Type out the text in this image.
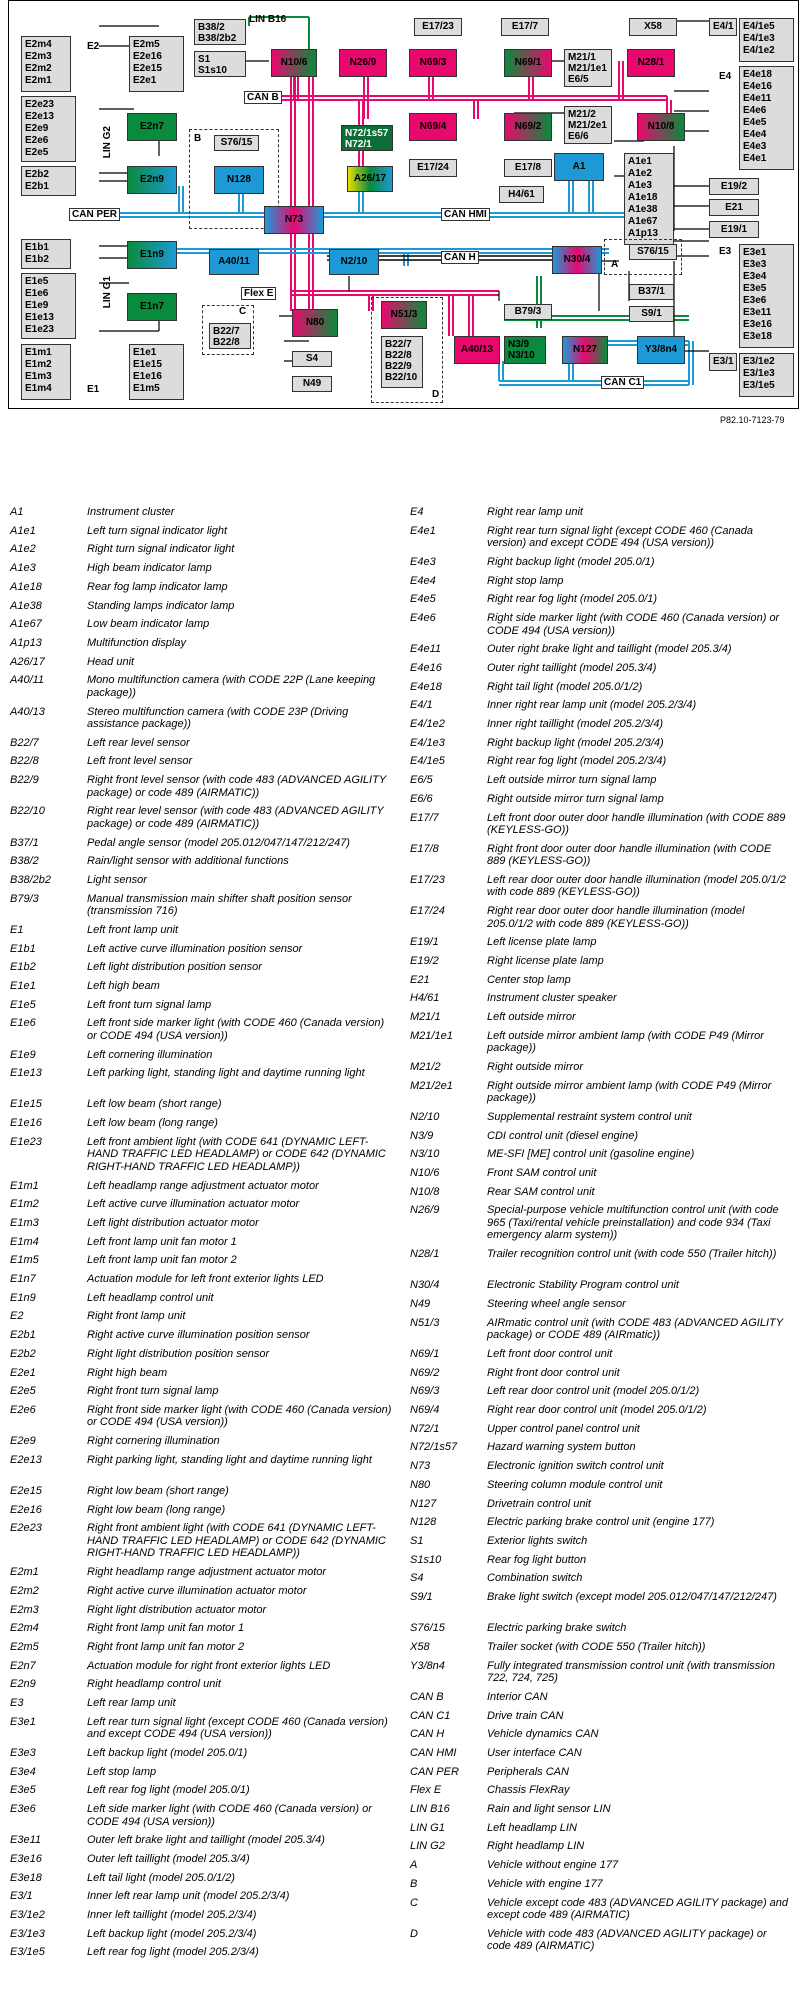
B38/2
B38/2b2
LIN B16
S1
S1s10
N10/6	N26/9	N69/3	N69/1	N28/1
E17/23	E17/7	X58
M21/1
M21/1e1
E6/5
E2m4
E2m3
E2m2
E2m1
E2	E2m5
E2e16
E2e15
E2e1
E2e23
E2e13
E2e9
E2e6
E2e5
E2b2
E2b1
LIN G2	E2n7
E2n9
B	S76/15
N128
N72/1s57
N72/1
A26/17
N69/4
E17/24
N69/2
E17/8
M21/2
M21/2e1
E6/6
N10/8
E4/1 E4/1e5
E4/1e3
E4/1e2
E4 E4e18
E4e16
E4e11
E4e6
E4e5
E4e4
E4e3
E4e1
E19/2
E21
E19/1
E3 E3e1
E3e3
E3e4
E3e5
E3e6
E3e11
E3e16
E3e18
E3/1 E3/1e2
E3/1e3
E3/1e5
A1	A1e1
A1e2
A1e3
A1e18
A1e38
A1e67
A1p13
H4/61
CAN PER	N73	CAN HMI
CAN B
E1b1
E1b2	E1n9
A40/11	N2/10	CAN H	N30/4
S76/15
A
B37/1
S9/1
E1e5
E1e6
E1e9
E1e13
E1e23
LIN G1	E1n7
Flex E
C
B22/7
B22/8
N80
S4
N49
N51/3
B22/7
B22/8
B22/9
B22/10
D
A40/13
B79/3
N3/9
N3/10
N127
CAN C1
Y3/8n4
E1m1
E1m2
E1m3
E1m4	E1
E1e1
E1e15
E1e16
E1m5
P82.10-7123-79
A1	Instrument cluster
A1e1	Left turn signal indicator light
A1e2	Right turn signal indicator light
A1e3	High beam indicator lamp
A1e18	Rear fog lamp indicator lamp
A1e38	Standing lamps indicator lamp
A1e67	Low beam indicator lamp
A1p13	Multifunction display
A26/17	Head unit
A40/11	Mono multifunction camera (with CODE 22P (Lane keeping package))
A40/13	Stereo multifunction camera (with CODE 23P (Driving assistance package))
B22/7	Left rear level sensor
B22/8	Left front level sensor
B22/9	Right front level sensor (with code 483 (ADVANCED AGILITY package) or code 489 (AIRMATIC))
B22/10	Right rear level sensor (with code 483 (ADVANCED AGILITY package) or code 489 (AIRMATIC))
B37/1	Pedal angle sensor (model 205.012/047/147/212/247)
B38/2	Rain/light sensor with additional functions
B38/2b2	Light sensor
B79/3	Manual transmission main shifter shaft position sensor (transmission 716)
E1	Left front lamp unit
E1b1	Left active curve illumination position sensor
E1b2	Left light distribution position sensor
E1e1	Left high beam
E1e5	Left front turn signal lamp
E1e6	Left front side marker light (with CODE 460 (Canada version) or CODE 494 (USA version))
E1e9	Left cornering illumination
E1e13	Left parking light, standing light and daytime running light
E1e15	Left low beam (short range)
E1e16	Left low beam (long range)
E1e23	Left front ambient light (with CODE 641 (DYNAMIC LEFT-HAND TRAFFIC LED HEADLAMP) or CODE 642 (DYNAMIC RIGHT-HAND TRAFFIC LED HEADLAMP))
E1m1	Left headlamp range adjustment actuator motor
E1m2	Left active curve illumination actuator motor
E1m3	Left light distribution actuator motor
E1m4	Left front lamp unit fan motor 1
E1m5	Left front lamp unit fan motor 2
E1n7	Actuation module for left front exterior lights LED
E1n9	Left headlamp control unit
E2	Right front lamp unit
E2b1	Right active curve illumination position sensor
E2b2	Right light distribution position sensor
E2e1	Right high beam
E2e5	Right front turn signal lamp
E2e6	Right front side marker light (with CODE 460 (Canada version) or CODE 494 (USA version))
E2e9	Right cornering illumination
E2e13	Right parking light, standing light and daytime running light
E2e15	Right low beam (short range)
E2e16	Right low beam (long range)
E2e23	Right front ambient light (with CODE 641 (DYNAMIC LEFT-HAND TRAFFIC LED HEADLAMP) or CODE 642 (DYNAMIC RIGHT-HAND TRAFFIC LED HEADLAMP))
E2m1	Right headlamp range adjustment actuator motor
E2m2	Right active curve illumination actuator motor
E2m3	Right light distribution actuator motor
E2m4	Right front lamp unit fan motor 1
E2m5	Right front lamp unit fan motor 2
E2n7	Actuation module for right front exterior lights LED
E2n9	Right headlamp control unit
E3	Left rear lamp unit
E3e1	Left rear turn signal light (except CODE 460 (Canada version) and except CODE 494 (USA version))
E3e3	Left backup light (model 205.0/1)
E3e4	Left stop lamp
E3e5	Left rear fog light (model 205.0/1)
E3e6	Left side marker light (with CODE 460 (Canada version) or CODE 494 (USA version))
E3e11	Outer left brake light and taillight (model 205.3/4)
E3e16	Outer left taillight (model 205.3/4)
E3e18	Left tail light (model 205.0/1/2)
E3/1	Inner left rear lamp unit (model 205.2/3/4)
E3/1e2	Inner left taillight (model 205.2/3/4)
E3/1e3	Left backup light (model 205.2/3/4)
E3/1e5	Left rear fog light (model 205.2/3/4)
E4	Right rear lamp unit
E4e1	Right rear turn signal light (except CODE 460 (Canada version) and except CODE 494 (USA version))
E4e3	Right backup light (model 205.0/1)
E4e4	Right stop lamp
E4e5	Right rear fog light (model 205.0/1)
E4e6	Right side marker light (with CODE 460 (Canada version) or CODE 494 (USA version))
E4e11	Outer right brake light and taillight (model 205.3/4)
E4e16	Outer right taillight (model 205.3/4)
E4e18	Right tail light (model 205.0/1/2)
E4/1	Inner right rear lamp unit (model 205.2/3/4)
E4/1e2	Inner right taillight (model 205.2/3/4)
E4/1e3	Right backup light (model 205.2/3/4)
E4/1e5	Right rear fog light (model 205.2/3/4)
E6/5	Left outside mirror turn signal lamp
E6/6	Right outside mirror turn signal lamp
E17/7	Left front door outer door handle illumination (with CODE 889 (KEYLESS-GO))
E17/8	Right front door outer door handle illumination (with CODE 889 (KEYLESS-GO))
E17/23	Left rear door outer door handle illumination (model 205.0/1/2 with code 889 (KEYLESS-GO))
E17/24	Right rear door outer door handle illumination (model 205.0/1/2 with code 889 (KEYLESS-GO))
E19/1	Left license plate lamp
E19/2	Right license plate lamp
E21	Center stop lamp
H4/61	Instrument cluster speaker
M21/1	Left outside mirror
M21/1e1	Left outside mirror ambient lamp (with CODE P49 (Mirror package))
M21/2	Right outside mirror
M21/2e1	Right outside mirror ambient lamp (with CODE P49 (Mirror package))
N2/10	Supplemental restraint system control unit
N3/9	CDI control unit (diesel engine)
N3/10	ME-SFI [ME] control unit (gasoline engine)
N10/6	Front SAM control unit
N10/8	Rear SAM control unit
N26/9	Special-purpose vehicle multifunction control unit (with code 965 (Taxi/rental vehicle preinstallation) and code 934 (Taxi emergency alarm system))
N28/1	Trailer recognition control unit (with code 550 (Trailer hitch))
N30/4	Electronic Stability Program control unit
N49	Steering wheel angle sensor
N51/3	AIRmatic control unit (with CODE 483 (ADVANCED AGILITY package) or CODE 489 (AIRmatic))
N69/1	Left front door control unit
N69/2	Right front door control unit
N69/3	Left rear door control unit (model 205.0/1/2)
N69/4	Right rear door control unit (model 205.0/1/2)
N72/1	Upper control panel control unit
N72/1s57	Hazard warning system button
N73	Electronic ignition switch control unit
N80	Steering column module control unit
N127	Drivetrain control unit
N128	Electric parking brake control unit (engine 177)
S1	Exterior lights switch
S1s10	Rear fog light button
S4	Combination switch
S9/1	Brake light switch (except model 205.012/047/147/212/247)
S76/15	Electric parking brake switch
X58	Trailer socket (with CODE 550 (Trailer hitch))
Y3/8n4	Fully integrated transmission control unit (with transmission 722, 724, 725)
CAN B	Interior CAN
CAN C1	Drive train CAN
CAN H	Vehicle dynamics CAN
CAN HMI	User interface CAN
CAN PER	Peripherals CAN
Flex E	Chassis FlexRay
LIN B16	Rain and light sensor LIN
LIN G1	Left headlamp LIN
LIN G2	Right headlamp LIN
A	Vehicle without engine 177
B	Vehicle with engine 177
C	Vehicle except code 483 (ADVANCED AGILITY package) and except code 489 (AIRMATIC)
D	Vehicle with code 483 (ADVANCED AGILITY package) or code 489 (AIRMATIC)
